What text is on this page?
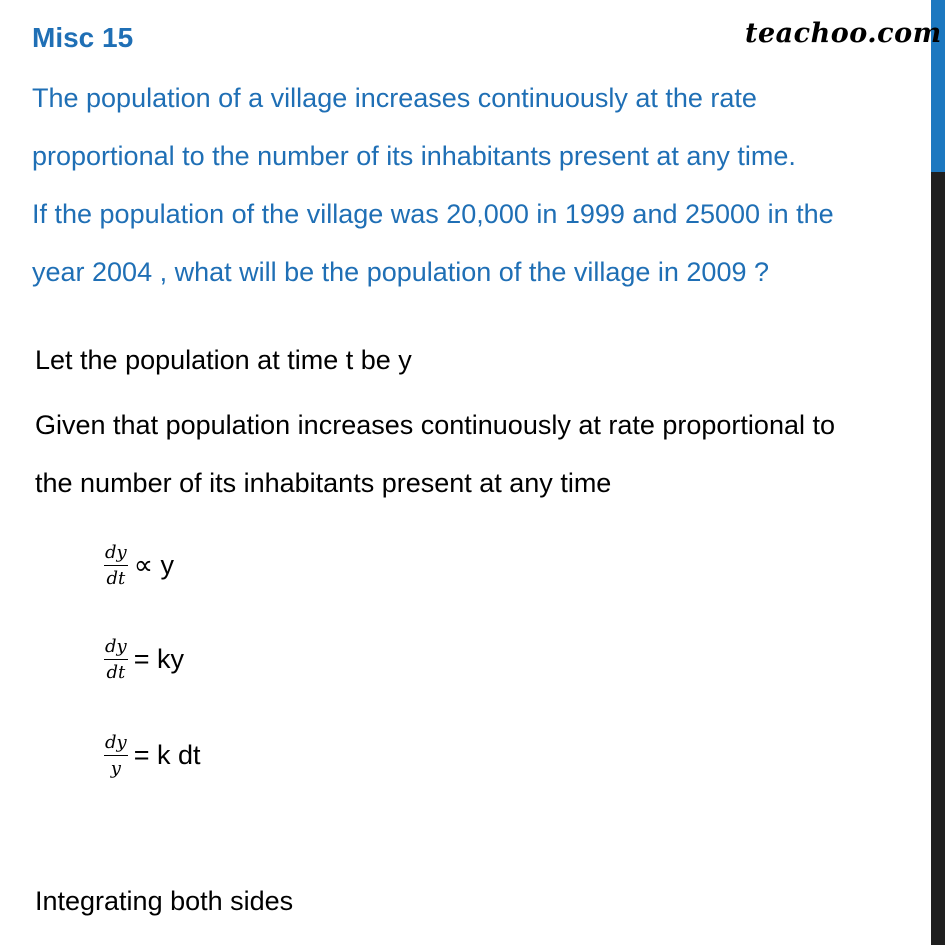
Misc 15	teachoo.com
The population of a village increases continuously at the rate
proportional to the number of its inhabitants present at any time.
If the population of the village was 20,000 in 1999 and 25000 in the
year 2004 , what will be the population of the village in 2009 ?
Let the population at time t be y
Given that population increases continuously at rate proportional to
the number of its inhabitants present at any time
$\frac{dy}{dt} \propto y$
$\frac{dy}{dt}$ = ky
$\frac{dy}{y} = k$ dt
Integrating both sides
